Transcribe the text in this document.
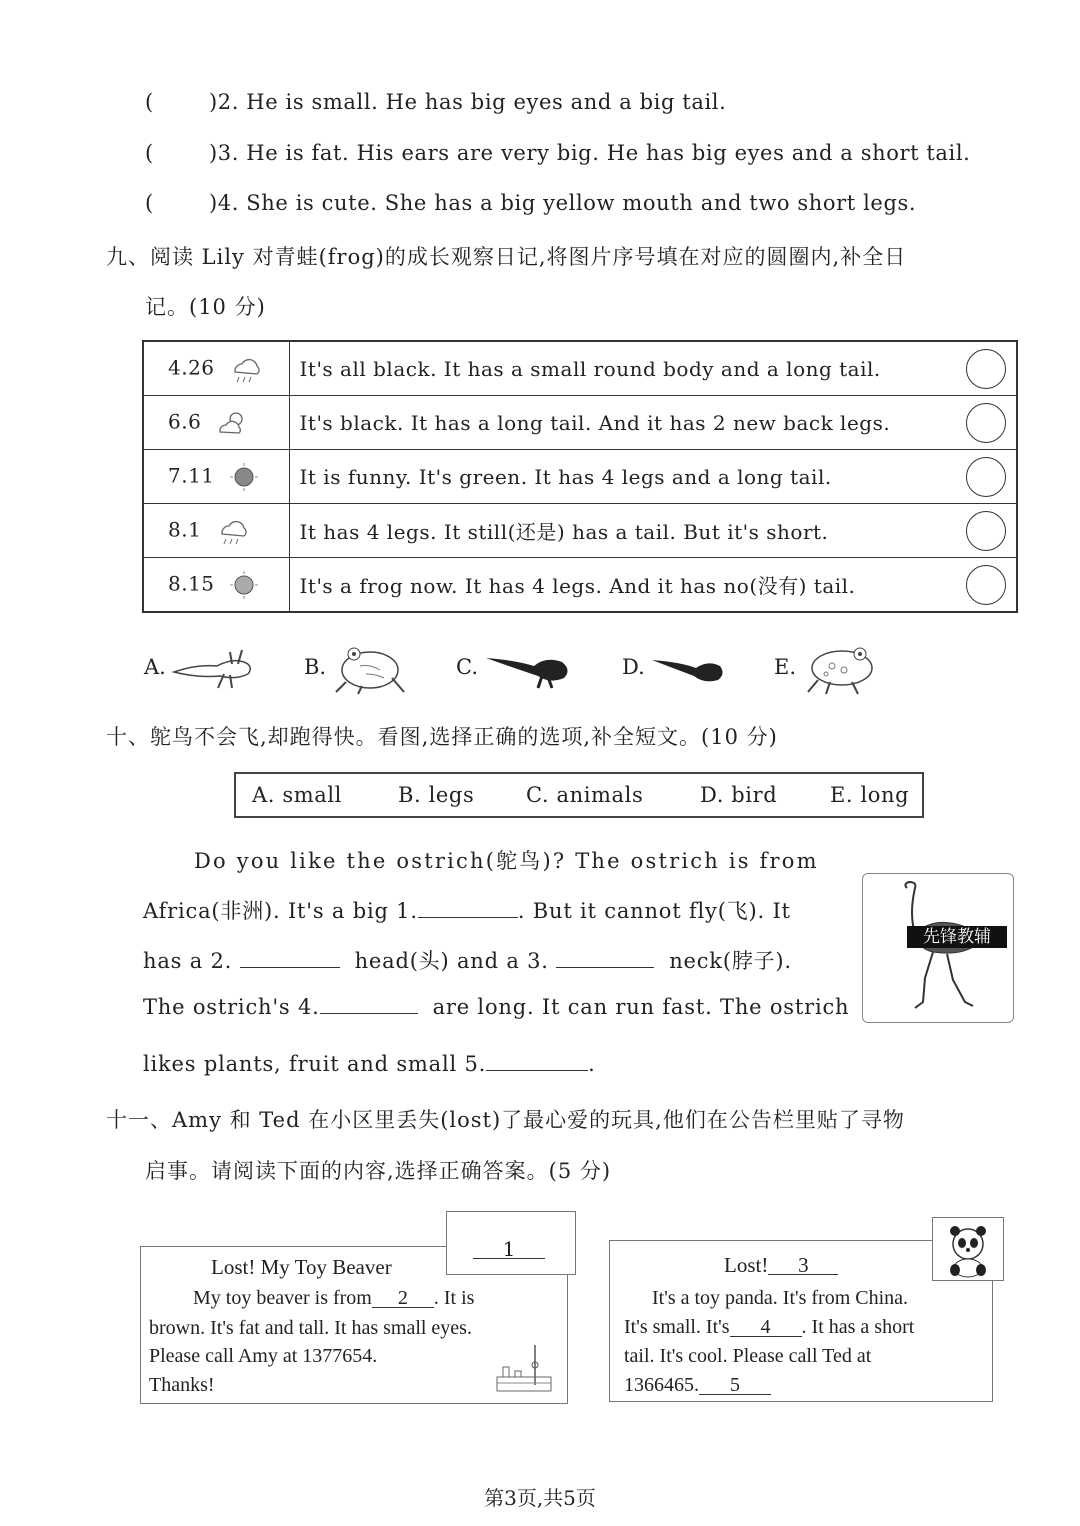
(	)2. He is small. He has big eyes and a big tail.
(	)3. He is fat. His ears are very big. He has big eyes and a short tail.
(	)4. She is cute. She has a big yellow mouth and two short legs.
九、阅读 Lily 对青蛙(frog)的成长观察日记,将图片序号填在对应的圆圈内,补全日
记。(10 分)
4.26	It's all black. It has a small round body and a long tail.

6.6	It's black. It has a long tail. And it has 2 new back legs.

7.11	It is funny. It's green. It has 4 legs and a long tail.

8.1	It has 4 legs. It still(还是) has a tail. But it's short.

8.15	It's a frog now. It has 4 legs. And it has no(没有) tail.
A.	B.	C.	D.	E.
十、鸵鸟不会飞,却跑得快。看图,选择正确的选项,补全短文。(10 分)
A. small	B. legs C. animals	D. bird	E. long
Do you like the ostrich(鸵鸟)? The ostrich is from
Africa(非洲). It's a big 1.	. But it cannot fly(飞). It
has a 2.	head(头) and a 3.	neck(脖子).
The ostrich's 4.	are long. It can run fast. The ostrich
likes plants, fruit and small 5.	.
先锋教辅
十一、Amy 和 Ted 在小区里丢失(lost)了最心爱的玩具,他们在公告栏里贴了寻物
启事。请阅读下面的内容,选择正确答案。(5 分)
Lost! My Toy Beaver
My toy beaver is from 2 . It is
brown. It's fat and tall. It has small eyes.
Please call Amy at 1377654.
Thanks!
1
Lost! 3
It's a toy panda. It's from China.
It's small. It's 4 . It has a short
tail. It's cool. Please call Ted at
1366465. 5
第3页,共5页
